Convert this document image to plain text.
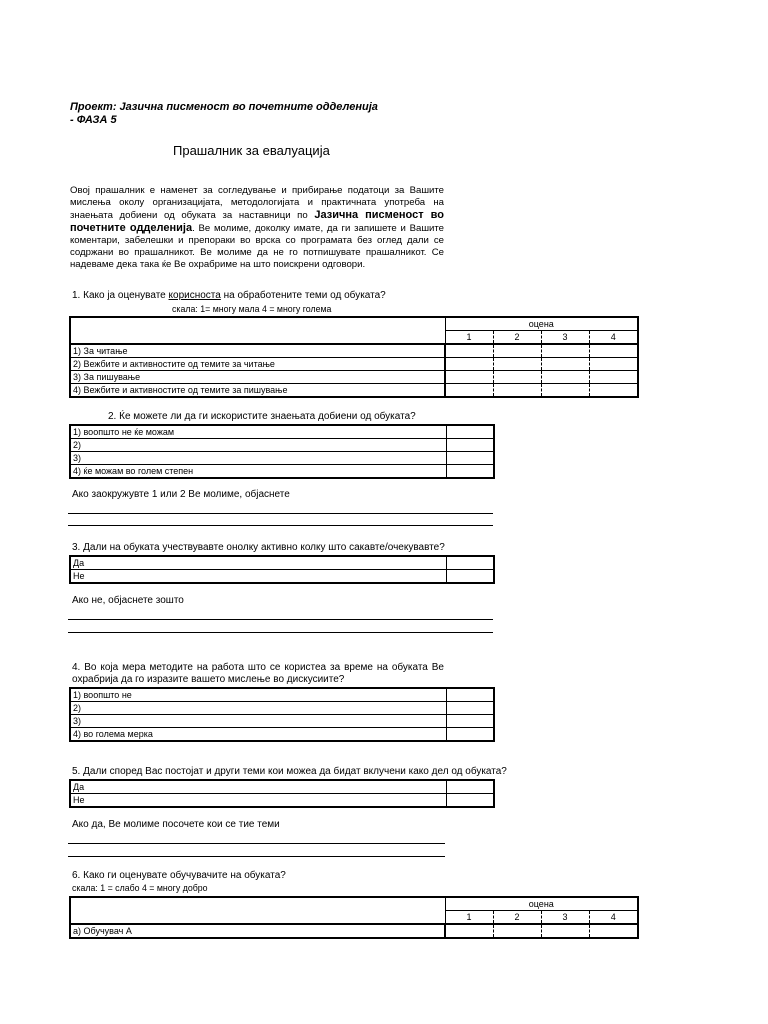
Проект: Јазична писменост во почетните одделенија
- ФАЗА 5
Прашалник за евалуација
Овој прашалник е наменет за согледување и прибирање податоци за Вашите мислења околу организацијата, методологијата и практичната употреба на знаењата добиени од обуката за наставници по Јазична писменост во почетните одделенија. Ве молиме, доколку имате, да ги запишете и Вашите коментари, забелешки и препораки во врска со програмата без оглед дали се содржани во прашалникот. Ве молиме да не го потпишувате прашалникот. Се надеваме дека така ќе Ве охрабриме на што поискрени одговори.
1. Како ја оценувате корисноста на обработените теми од обуката?
скала: 1= многу мала 4 = многу голема
	оцена			
	1	2	3	4
1) За читање				
2) Вежбите и активностите од темите за читање				
3) За пишување				
4) Вежбите и активностите од темите за пишување				
2. Ќе можете ли да ги искористите знаењата добиени од обуката?
1) воопшто не ќе можам	
2)	
3)	
4) ќе можам во голем степен	
Ако заокружувте 1 или 2 Ве молиме, објаснете
3. Дали на обуката учествувавте онолку активно колку што сакавте/очекувавте?
Да	
Не	
Ако не, објаснете зошто
4. Во која мера методите на работа што се користеа за време на обуката Ве охрабрија да го изразите вашето мислење во дискусиите?
1) воопшто не	
2)	
3)	
4) во голема мерка	
5. Дали според Вас постојат и други теми кои можеа да бидат вклучени како дел од обуката?
Да	
Не	
Ако да, Ве молиме посочете кои се тие теми
6. Како ги оценувате обучувачите на обуката?
скала: 1 = слабо 4 = многу добро
	оцена			
	1	2	3	4
а) Обучувач А				
